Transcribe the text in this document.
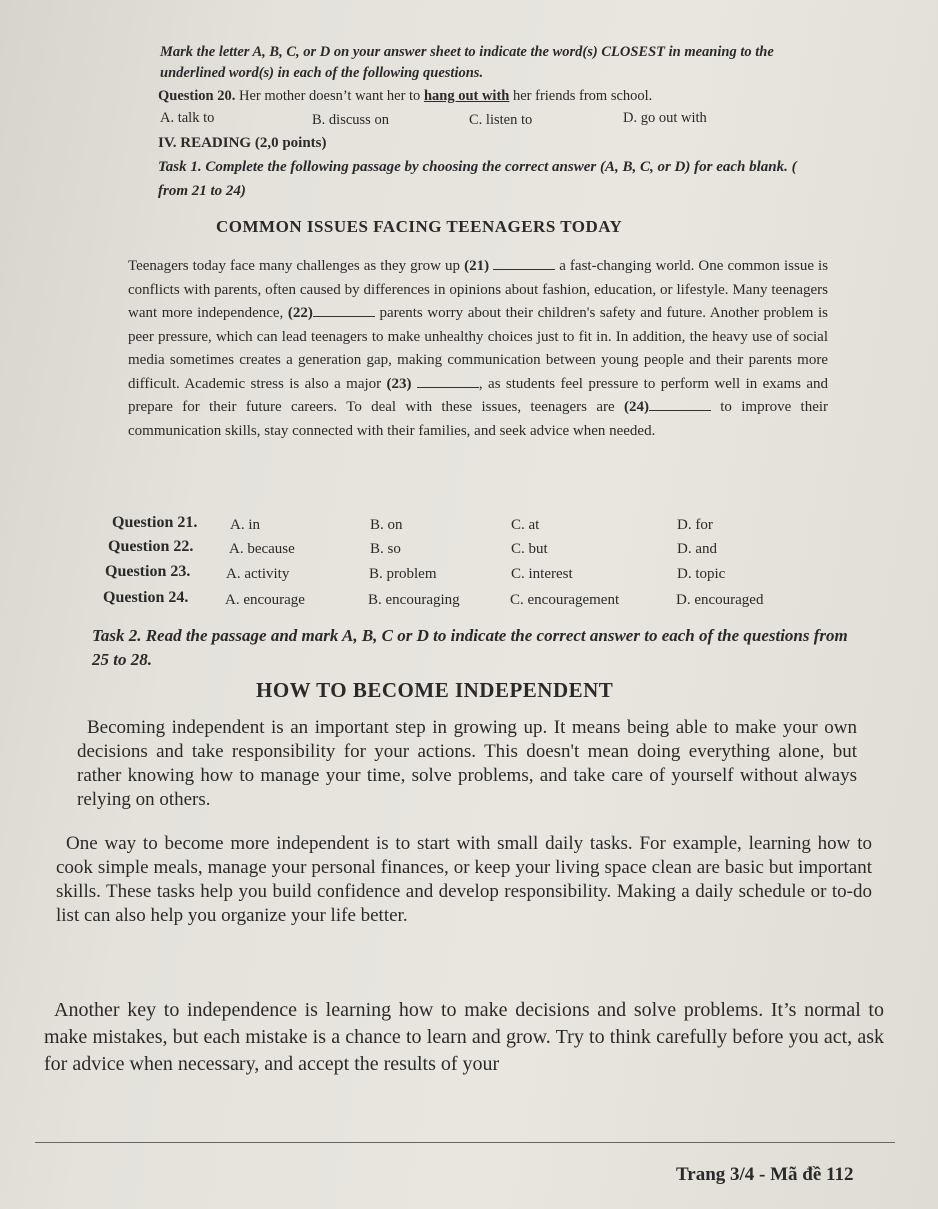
Mark the letter A, B, C, or D on your answer sheet to indicate the word(s) CLOSEST in meaning to the underlined word(s) in each of the following questions.
Question 20. Her mother doesn’t want her to hang out with her friends from school.
A. talk to	B. discuss on	C. listen to	D. go out with
IV. READING (2,0 points)
Task 1. Complete the following passage by choosing the correct answer (A, B, C, or D) for each blank. ( from 21 to 24)
COMMON ISSUES FACING TEENAGERS TODAY
Teenagers today face many challenges as they grow up (21)	a fast-changing world. One common issue is conflicts with parents, often caused by differences in opinions about fashion, education, or lifestyle. Many teenagers want more independence, (22)	parents worry about their children's safety and future. Another problem is peer pressure, which can lead teenagers to make unhealthy choices just to fit in. In addition, the heavy use of social media sometimes creates a generation gap, making communication between young people and their parents more difficult. Academic stress is also a major (23)	, as students feel pressure to perform well in exams and prepare for their future careers. To deal with these issues, teenagers are (24)	to improve their communication skills, stay connected with their families, and seek advice when needed.
Question 21. A. in	B. on	C. at	D. for
Question 22. A. because	B. so	C. but	D. and
Question 23. A. activity	B. problem	C. interest	D. topic
Question 24. A. encourage	B. encouraging	C. encouragement	D. encouraged
Task 2. Read the passage and mark A, B, C or D to indicate the correct answer to each of the questions from 25 to 28.
HOW TO BECOME INDEPENDENT
Becoming independent is an important step in growing up. It means being able to make your own decisions and take responsibility for your actions. This doesn't mean doing everything alone, but rather knowing how to manage your time, solve problems, and take care of yourself without always relying on others.
One way to become more independent is to start with small daily tasks. For example, learning how to cook simple meals, manage your personal finances, or keep your living space clean are basic but important skills. These tasks help you build confidence and develop responsibility. Making a daily schedule or to-do list can also help you organize your life better.
Another key to independence is learning how to make decisions and solve problems. It’s normal to make mistakes, but each mistake is a chance to learn and grow. Try to think carefully before you act, ask for advice when necessary, and accept the results of your
Trang 3/4 - Mã đề 112
